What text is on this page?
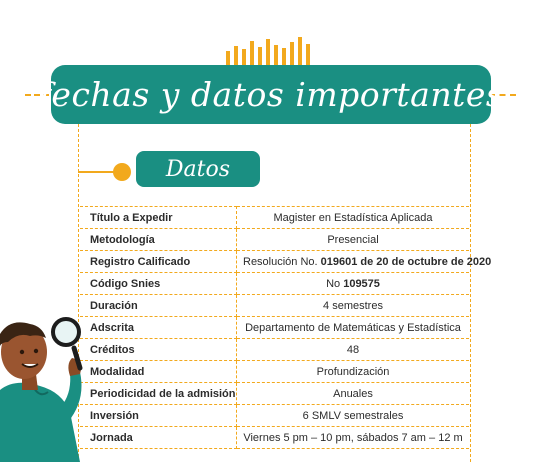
fechas y datos importantes
Datos
Título a Expedir	Magister en Estadística Aplicada
Metodología	Presencial
Registro Calificado	Resolución No. 019601 de 20 de octubre de 2020
Código Snies	No 109575
Duración	4 semestres
Adscrita	Departamento de Matemáticas y Estadística
Créditos	48
Modalidad	Profundización
Periodicidad de la admisión	Anuales
Inversión	6 SMLV semestrales
Jornada	Viernes 5 pm – 10 pm, sábados 7 am – 12 m
